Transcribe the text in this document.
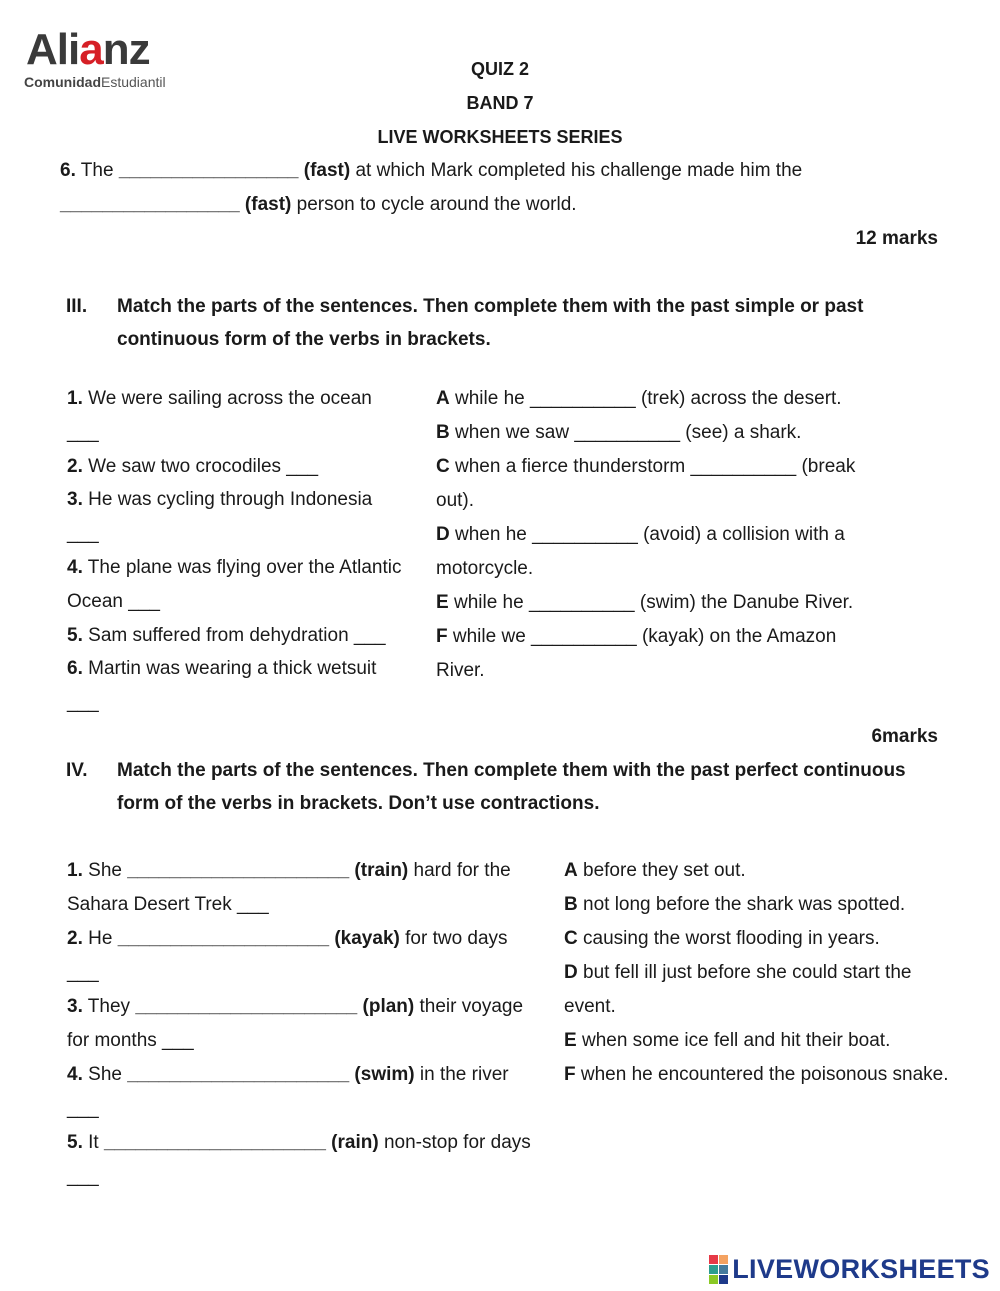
Alianz
ComunidadEstudiantil
QUIZ 2
BAND 7
LIVE WORKSHEETS SERIES
6. The _________________ (fast) at which Mark completed his challenge made him the
_________________ (fast) person to cycle around the world.
12 marks
III. Match the parts of the sentences. Then complete them with the past simple or past
continuous form of the verbs in brackets.
1. We were sailing across the ocean
___
2. We saw two crocodiles ___
3. He was cycling through Indonesia
___
4. The plane was flying over the Atlantic
Ocean ___
5. Sam suffered from dehydration ___
6. Martin was wearing a thick wetsuit
___
A while he __________ (trek) across the desert.
B when we saw __________ (see) a shark.
C when a fierce thunderstorm __________ (break
out).
D when he __________ (avoid) a collision with a
motorcycle.
E while he __________ (swim) the Danube River.
F while we __________ (kayak) on the Amazon
River.
6marks
IV. Match the parts of the sentences. Then complete them with the past perfect continuous
form of the verbs in brackets. Don’t use contractions.
1. She _____________________ (train) hard for the
Sahara Desert Trek ___
2. He ____________________ (kayak) for two days
___
3. They _____________________ (plan) their voyage
for months ___
4. She _____________________ (swim) in the river
___
5. It _____________________ (rain) non-stop for days
___
A before they set out.
B not long before the shark was spotted.
C causing the worst flooding in years.
D but fell ill just before she could start the
event.
E when some ice fell and hit their boat.
F when he encountered the poisonous snake.
LIVEWORKSHEETS
